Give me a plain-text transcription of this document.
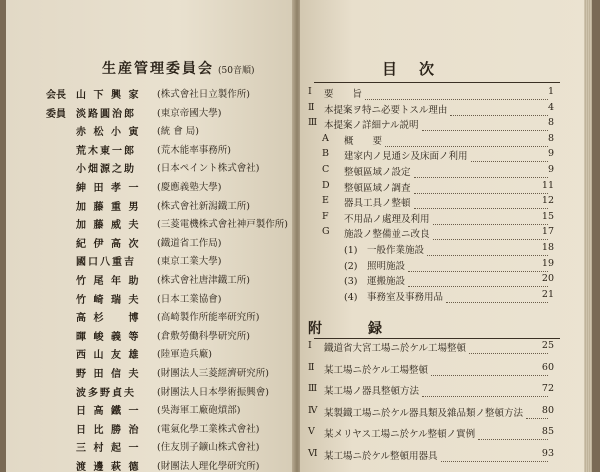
生産管理委員会 (50音順)
会長 山 下 興 家 (株式會社日立製作所)
委員 淡路圓治郎 (東京帝國大學)
赤 松 小 寅 (統 會 局)
荒木東一郎 (荒木能率事務所)
小畑源之助 (日本ペイント株式會社)
紳 田 孝 一 (慶應義塾大學)
加 藤 重 男 (株式會社新潟鐵工所)
加 藤 威 夫 (三菱電機株式會社神戸製作所)
紀 伊 高 次 (鐵道省工作局)
國口八重吉 (東京工業大學)
竹 尾 年 助 (株式會社唐津鐵工所)
竹 崎 瑞 夫 (日本工業協會)
高 杉 　 博 (高崎製作所能率研究所)
暉 峻 義 等 (倉敷勞働科學研究所)
西 山 友 雄 (陸軍造兵廠)
野 田 信 夫 (財團法人三菱經濟研究所)
波多野貞夫 (財團法人日本學術振興會)
日 高 鐵 一 (吳海軍工廠砲熕部)
日 比 勝 治 (電氣化學工業株式會社)
三 村 起 一 (住友別子鑛山株式會社)
渡 邊 萩 德 (財團法人理化學研究所)
目次
Ⅰ	要　　旨	1
Ⅱ	本提案ヲ特ニ必要トスル理由	4
Ⅲ 本提案ノ詳細ナル説明	8
A	概　　要	8
B	建家内ノ見通シ及床面ノ利用	9
C	整頓區域ノ設定	9
D	整頓區域ノ調査	11
E	器具工具ノ整頓	12
F	不用品ノ處理及利用	15
G	施設ノ整備並ニ改良	17
(1)　一般作業施設	18
(2)　照明施設	19
(3)　運搬施設	20
(4)　事務室及事務用品	21
附　録
Ⅰ	鐵道省大宮工場ニ於ケル工場整頓	25
Ⅱ	某工場ニ於ケル工場整頓	60
Ⅲ 某工場ノ器具整頓方法	72
Ⅳ 某製鐵工場ニ於ケル器具類及雜品類ノ整頓方法	80
Ⅴ 某メリヤス工場ニ於ケル整頓ノ實例	85
Ⅵ 某工場ニ於ケル整頓用器具	93
